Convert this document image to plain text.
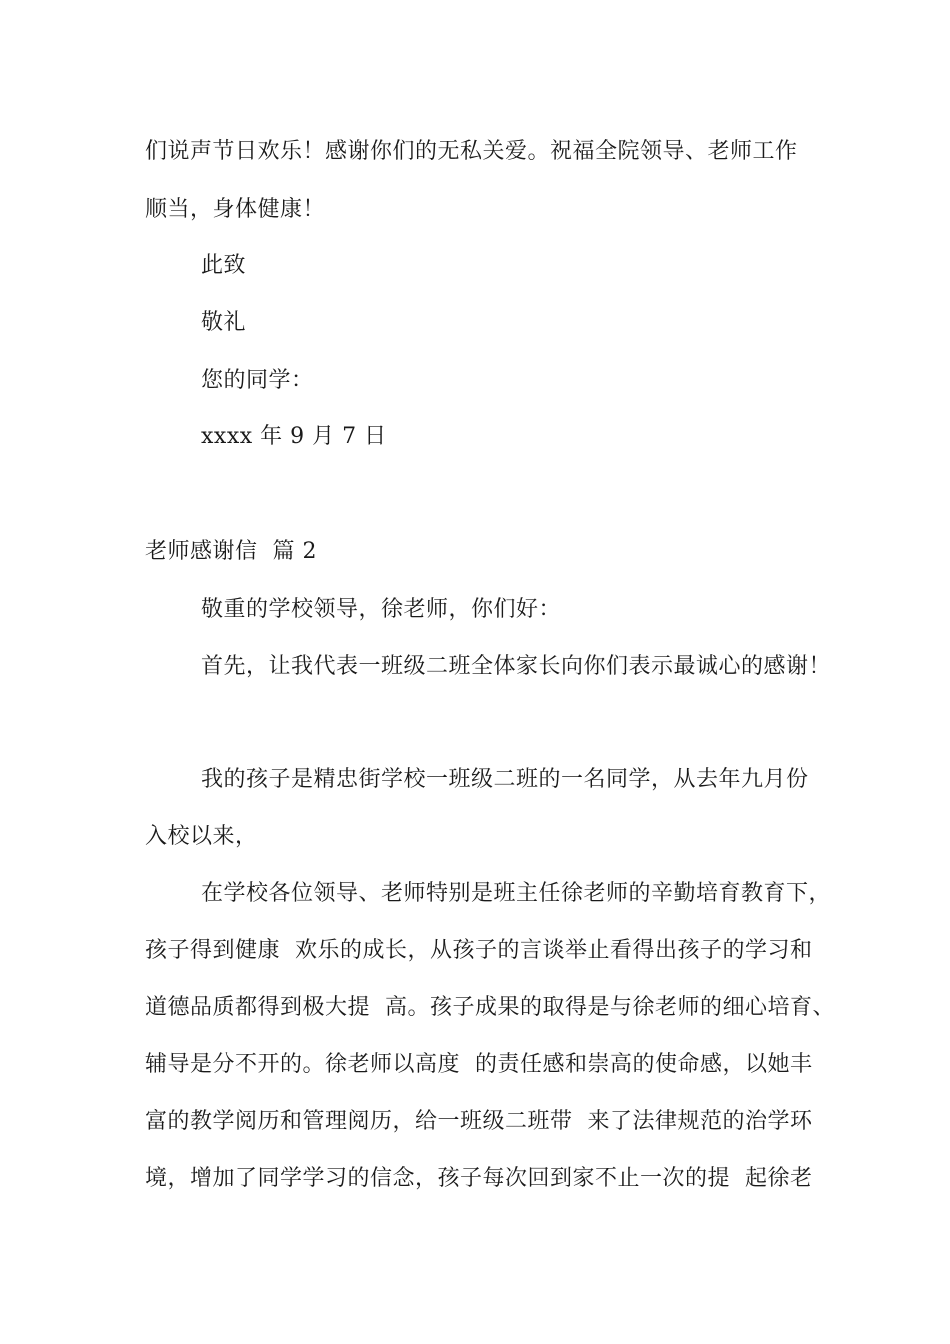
们说声节日欢乐！感谢你们的无私关爱。祝福全院领导、老师工作
顺当，身体健康！
此致
敬礼
您的同学：
xxxx 年 9 月 7 日
老师感谢信  篇 2
敬重的学校领导，徐老师，你们好：
首先，让我代表一班级二班全体家长向你们表示最诚心的感谢！
我的孩子是精忠街学校一班级二班的一名同学，从去年九月份
入校以来，
在学校各位领导、老师特别是班主任徐老师的辛勤培育教育下，
孩子得到健康  欢乐的成长，从孩子的言谈举止看得出孩子的学习和
道德品质都得到极大提  高。孩子成果的取得是与徐老师的细心培育、
辅导是分不开的。徐老师以高度  的责任感和崇高的使命感，以她丰
富的教学阅历和管理阅历，给一班级二班带  来了法律规范的治学环
境，增加了同学学习的信念，孩子每次回到家不止一次的提  起徐老
